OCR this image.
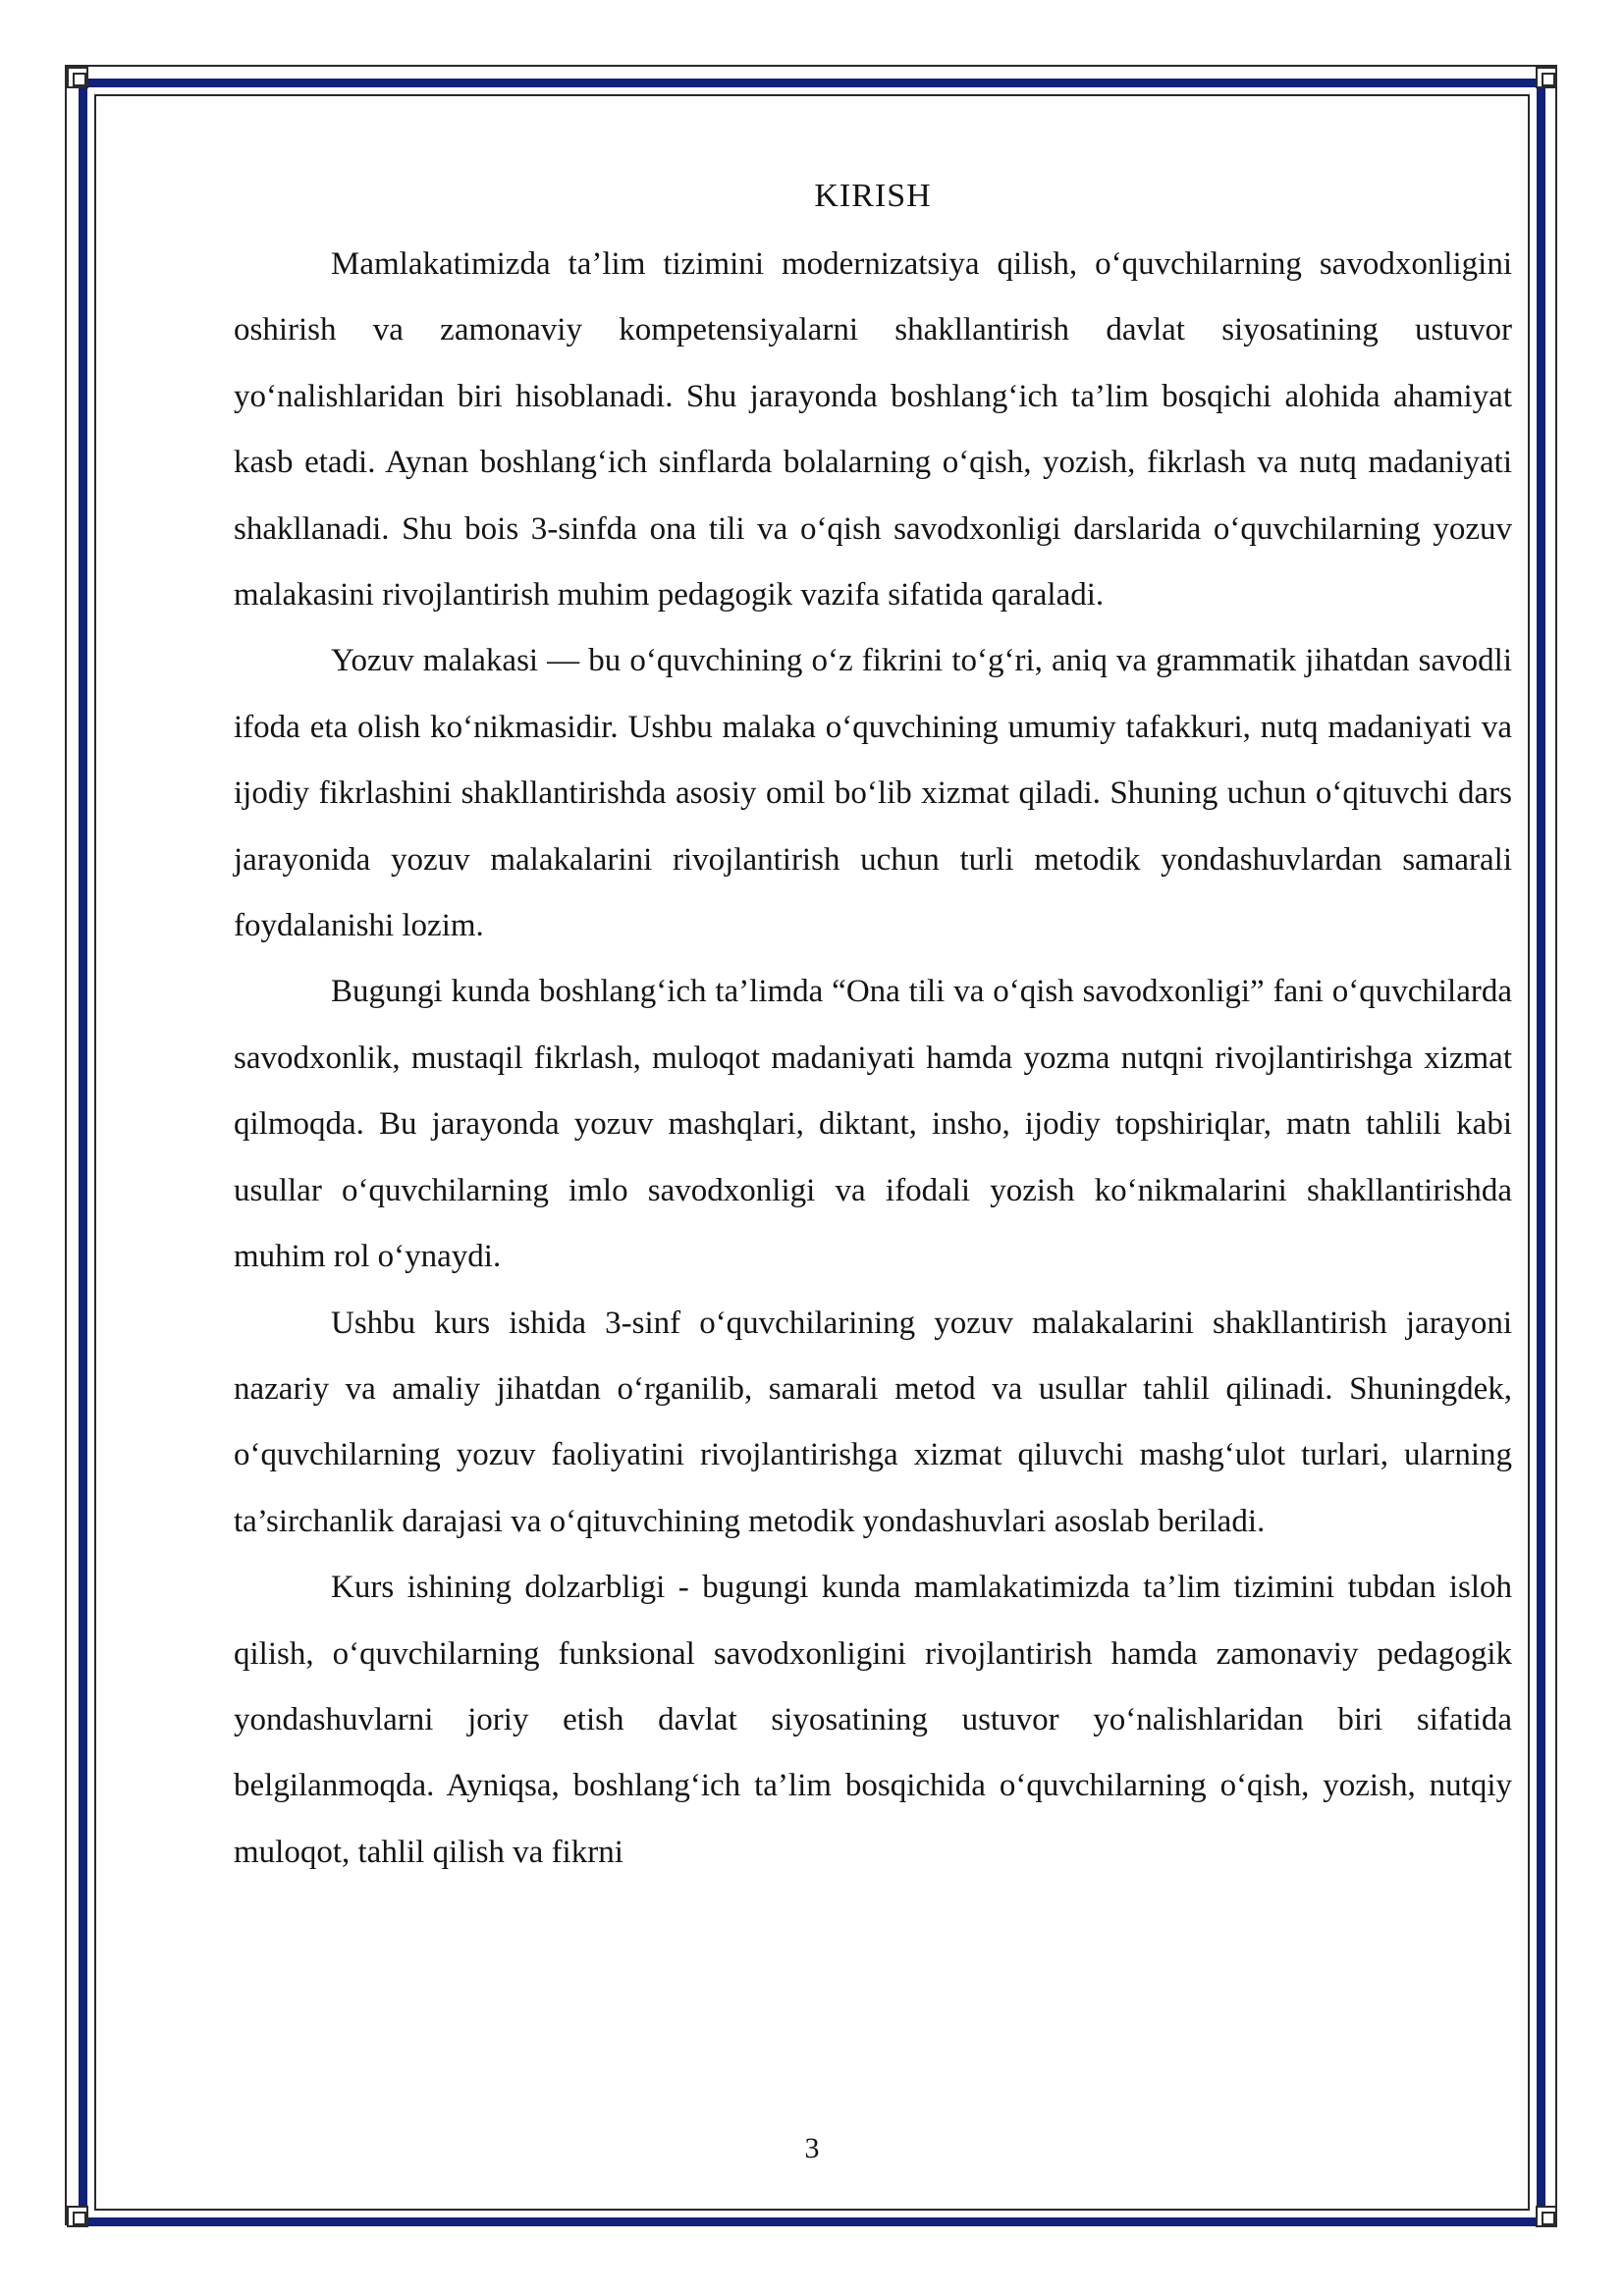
KIRISH

Mamlakatimizda ta’lim tizimini modernizatsiya qilish, o‘quvchilarning savodxonligini oshirish va zamonaviy kompetensiyalarni shakllantirish davlat siyosatining ustuvor yo‘nalishlaridan biri hisoblanadi. Shu jarayonda boshlang‘ich ta’lim bosqichi alohida ahamiyat kasb etadi. Aynan boshlang‘ich sinflarda bolalarning o‘qish, yozish, fikrlash va nutq madaniyati shakllanadi. Shu bois 3-sinfda ona tili va o‘qish savodxonligi darslarida o‘quvchilarning yozuv malakasini rivojlantirish muhim pedagogik vazifa sifatida qaraladi.

Yozuv malakasi — bu o‘quvchining o‘z fikrini to‘g‘ri, aniq va grammatik jihatdan savodli ifoda eta olish ko‘nikmasidir. Ushbu malaka o‘quvchining umumiy tafakkuri, nutq madaniyati va ijodiy fikrlashini shakllantirishda asosiy omil bo‘lib xizmat qiladi. Shuning uchun o‘qituvchi dars jarayonida yozuv malakalarini rivojlantirish uchun turli metodik yondashuvlardan samarali foydalanishi lozim.

Bugungi kunda boshlang‘ich ta’limda “Ona tili va o‘qish savodxonligi” fani o‘quvchilarda savodxonlik, mustaqil fikrlash, muloqot madaniyati hamda yozma nutqni rivojlantirishga xizmat qilmoqda. Bu jarayonda yozuv mashqlari, diktant, insho, ijodiy topshiriqlar, matn tahlili kabi usullar o‘quvchilarning imlo savodxonligi va ifodali yozish ko‘nikmalarini shakllantirishda muhim rol o‘ynaydi.

Ushbu kurs ishida 3-sinf o‘quvchilarining yozuv malakalarini shakllantirish jarayoni nazariy va amaliy jihatdan o‘rganilib, samarali metod va usullar tahlil qilinadi. Shuningdek, o‘quvchilarning yozuv faoliyatini rivojlantirishga xizmat qiluvchi mashg‘ulot turlari, ularning ta’sirchanlik darajasi va o‘qituvchining metodik yondashuvlari asoslab beriladi.

Kurs ishining dolzarbligi - bugungi kunda mamlakatimizda ta’lim tizimini tubdan isloh qilish, o‘quvchilarning funksional savodxonligini rivojlantirish hamda zamonaviy pedagogik yondashuvlarni joriy etish davlat siyosatining ustuvor yo‘nalishlaridan biri sifatida belgilanmoqda. Ayniqsa, boshlang‘ich ta’lim bosqichida o‘quvchilarning o‘qish, yozish, nutqiy muloqot, tahlil qilish va fikrni

3
